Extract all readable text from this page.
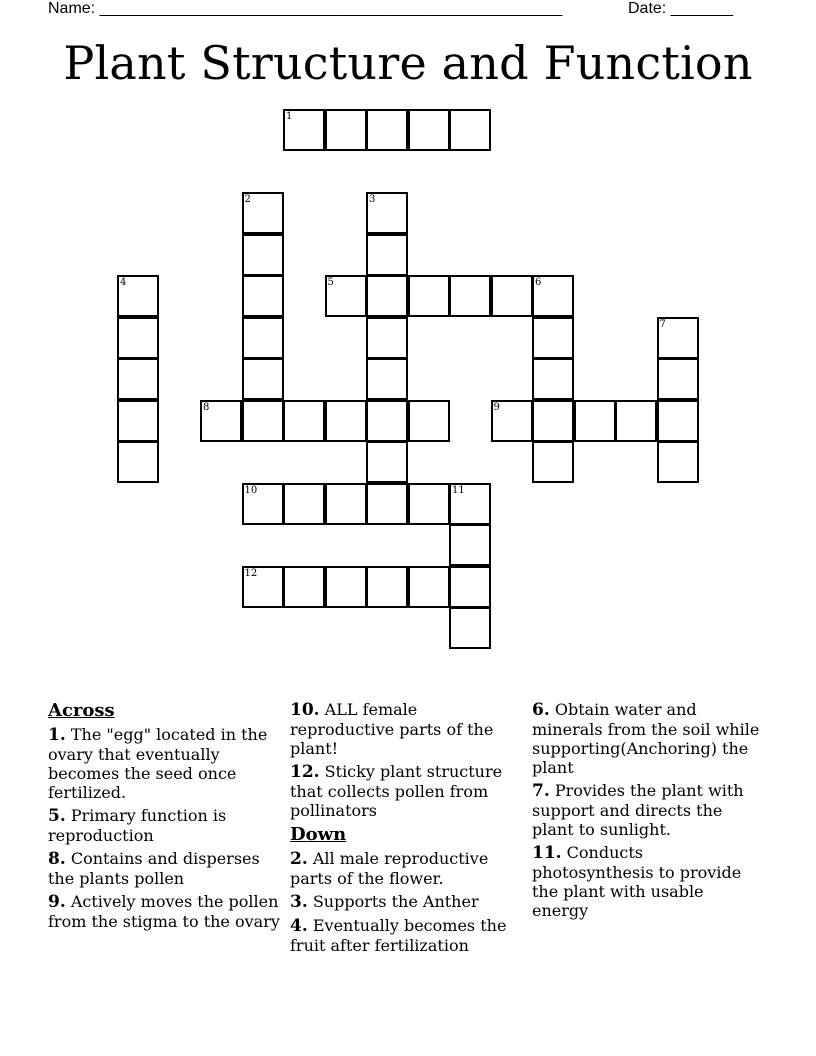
Name: ____________________________________________________	Date: _______
Plant Structure and Function
1
2	3
4	5	6
7
8	9
10	11
12
Across
1. The "egg" located in the ovary that eventually becomes the seed once fertilized.
5. Primary function is reproduction
8. Contains and disperses the plants pollen
9. Actively moves the pollen from the stigma to the ovary
10. ALL female reproductive parts of the plant!
12. Sticky plant structure that collects pollen from pollinators
Down
2. All male reproductive parts of the flower.
3. Supports the Anther
4. Eventually becomes the fruit after fertilization
6. Obtain water and minerals from the soil while supporting(Anchoring) the plant
7. Provides the plant with support and directs the plant to sunlight.
11. Conducts photosynthesis to provide the plant with usable energy
